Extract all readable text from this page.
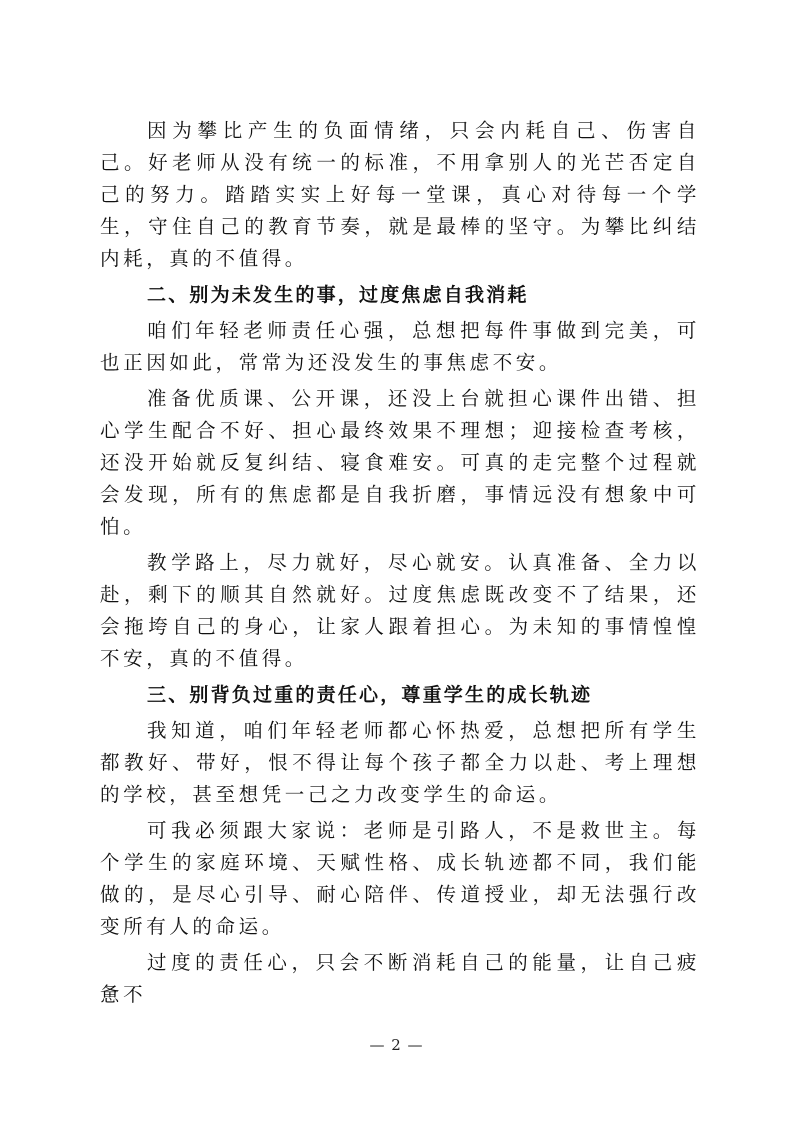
因为攀比产生的负面情绪，只会内耗自己、伤害自己。好老师从没有统一的标准，不用拿别人的光芒否定自己的努力。踏踏实实上好每一堂课，真心对待每一个学生，守住自己的教育节奏，就是最棒的坚守。为攀比纠结内耗，真的不值得。

二、别为未发生的事，过度焦虑自我消耗

咱们年轻老师责任心强，总想把每件事做到完美，可也正因如此，常常为还没发生的事焦虑不安。

准备优质课、公开课，还没上台就担心课件出错、担心学生配合不好、担心最终效果不理想；迎接检查考核，还没开始就反复纠结、寝食难安。可真的走完整个过程就会发现，所有的焦虑都是自我折磨，事情远没有想象中可怕。

教学路上，尽力就好，尽心就安。认真准备、全力以赴，剩下的顺其自然就好。过度焦虑既改变不了结果，还会拖垮自己的身心，让家人跟着担心。为未知的事情惶惶不安，真的不值得。

三、别背负过重的责任心，尊重学生的成长轨迹

我知道，咱们年轻老师都心怀热爱，总想把所有学生都教好、带好，恨不得让每个孩子都全力以赴、考上理想的学校，甚至想凭一己之力改变学生的命运。

可我必须跟大家说：老师是引路人，不是救世主。每个学生的家庭环境、天赋性格、成长轨迹都不同，我们能做的，是尽心引导、耐心陪伴、传道授业，却无法强行改变所有人的命运。

过度的责任心，只会不断消耗自己的能量，让自己疲惫不

— 2 —
